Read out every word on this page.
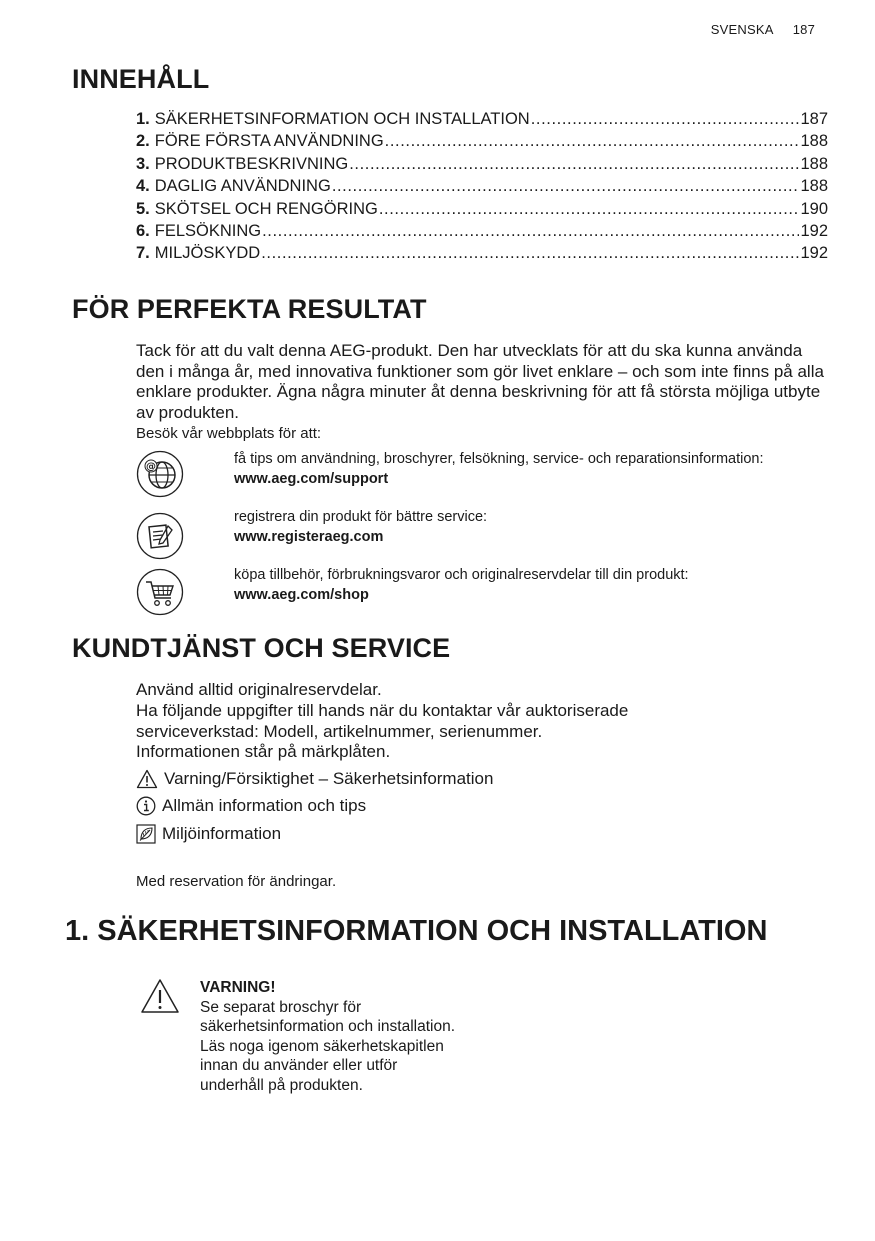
SVENSKA 187
INNEHÅLL
1. SÄKERHETSINFORMATION OCH INSTALLATION .....	187
2. FÖRE FÖRSTA ANVÄNDNING .....	188
3. PRODUKTBESKRIVNING .....	188
4. DAGLIG ANVÄNDNING .....	188
5. SKÖTSEL OCH RENGÖRING .....	190
6. FELSÖKNING .....	192
7. MILJÖSKYDD .....	192
FÖR PERFEKTA RESULTAT
Tack för att du valt denna AEG-produkt. Den har utvecklats för att du ska kunna använda den i många år, med innovativa funktioner som gör livet enklare – och som inte finns på alla enklare produkter. Ägna några minuter åt denna beskrivning för att få största möjliga utbyte av produkten.
Besök vår webbplats för att:
@	få tips om användning, broschyrer, felsökning, service- och reparationsinformation:
www.aeg.com/support
registrera din produkt för bättre service:
www.registeraeg.com
köpa tillbehör, förbrukningsvaror och originalreservdelar till din produkt:
www.aeg.com/shop
KUNDTJÄNST OCH SERVICE
Använd alltid originalreservdelar.
Ha följande uppgifter till hands när du kontaktar vår auktoriserade serviceverkstad: Modell, artikelnummer, serienummer.
Informationen står på märkplåten.
Varning/Försiktighet – Säkerhetsinformation
Allmän information och tips
Miljöinformation
Med reservation för ändringar.
1. SÄKERHETSINFORMATION OCH INSTALLATION
VARNING!
Se separat broschyr för säkerhetsinformation och installation. Läs noga igenom säkerhetskapitlen innan du använder eller utför underhåll på produkten.
